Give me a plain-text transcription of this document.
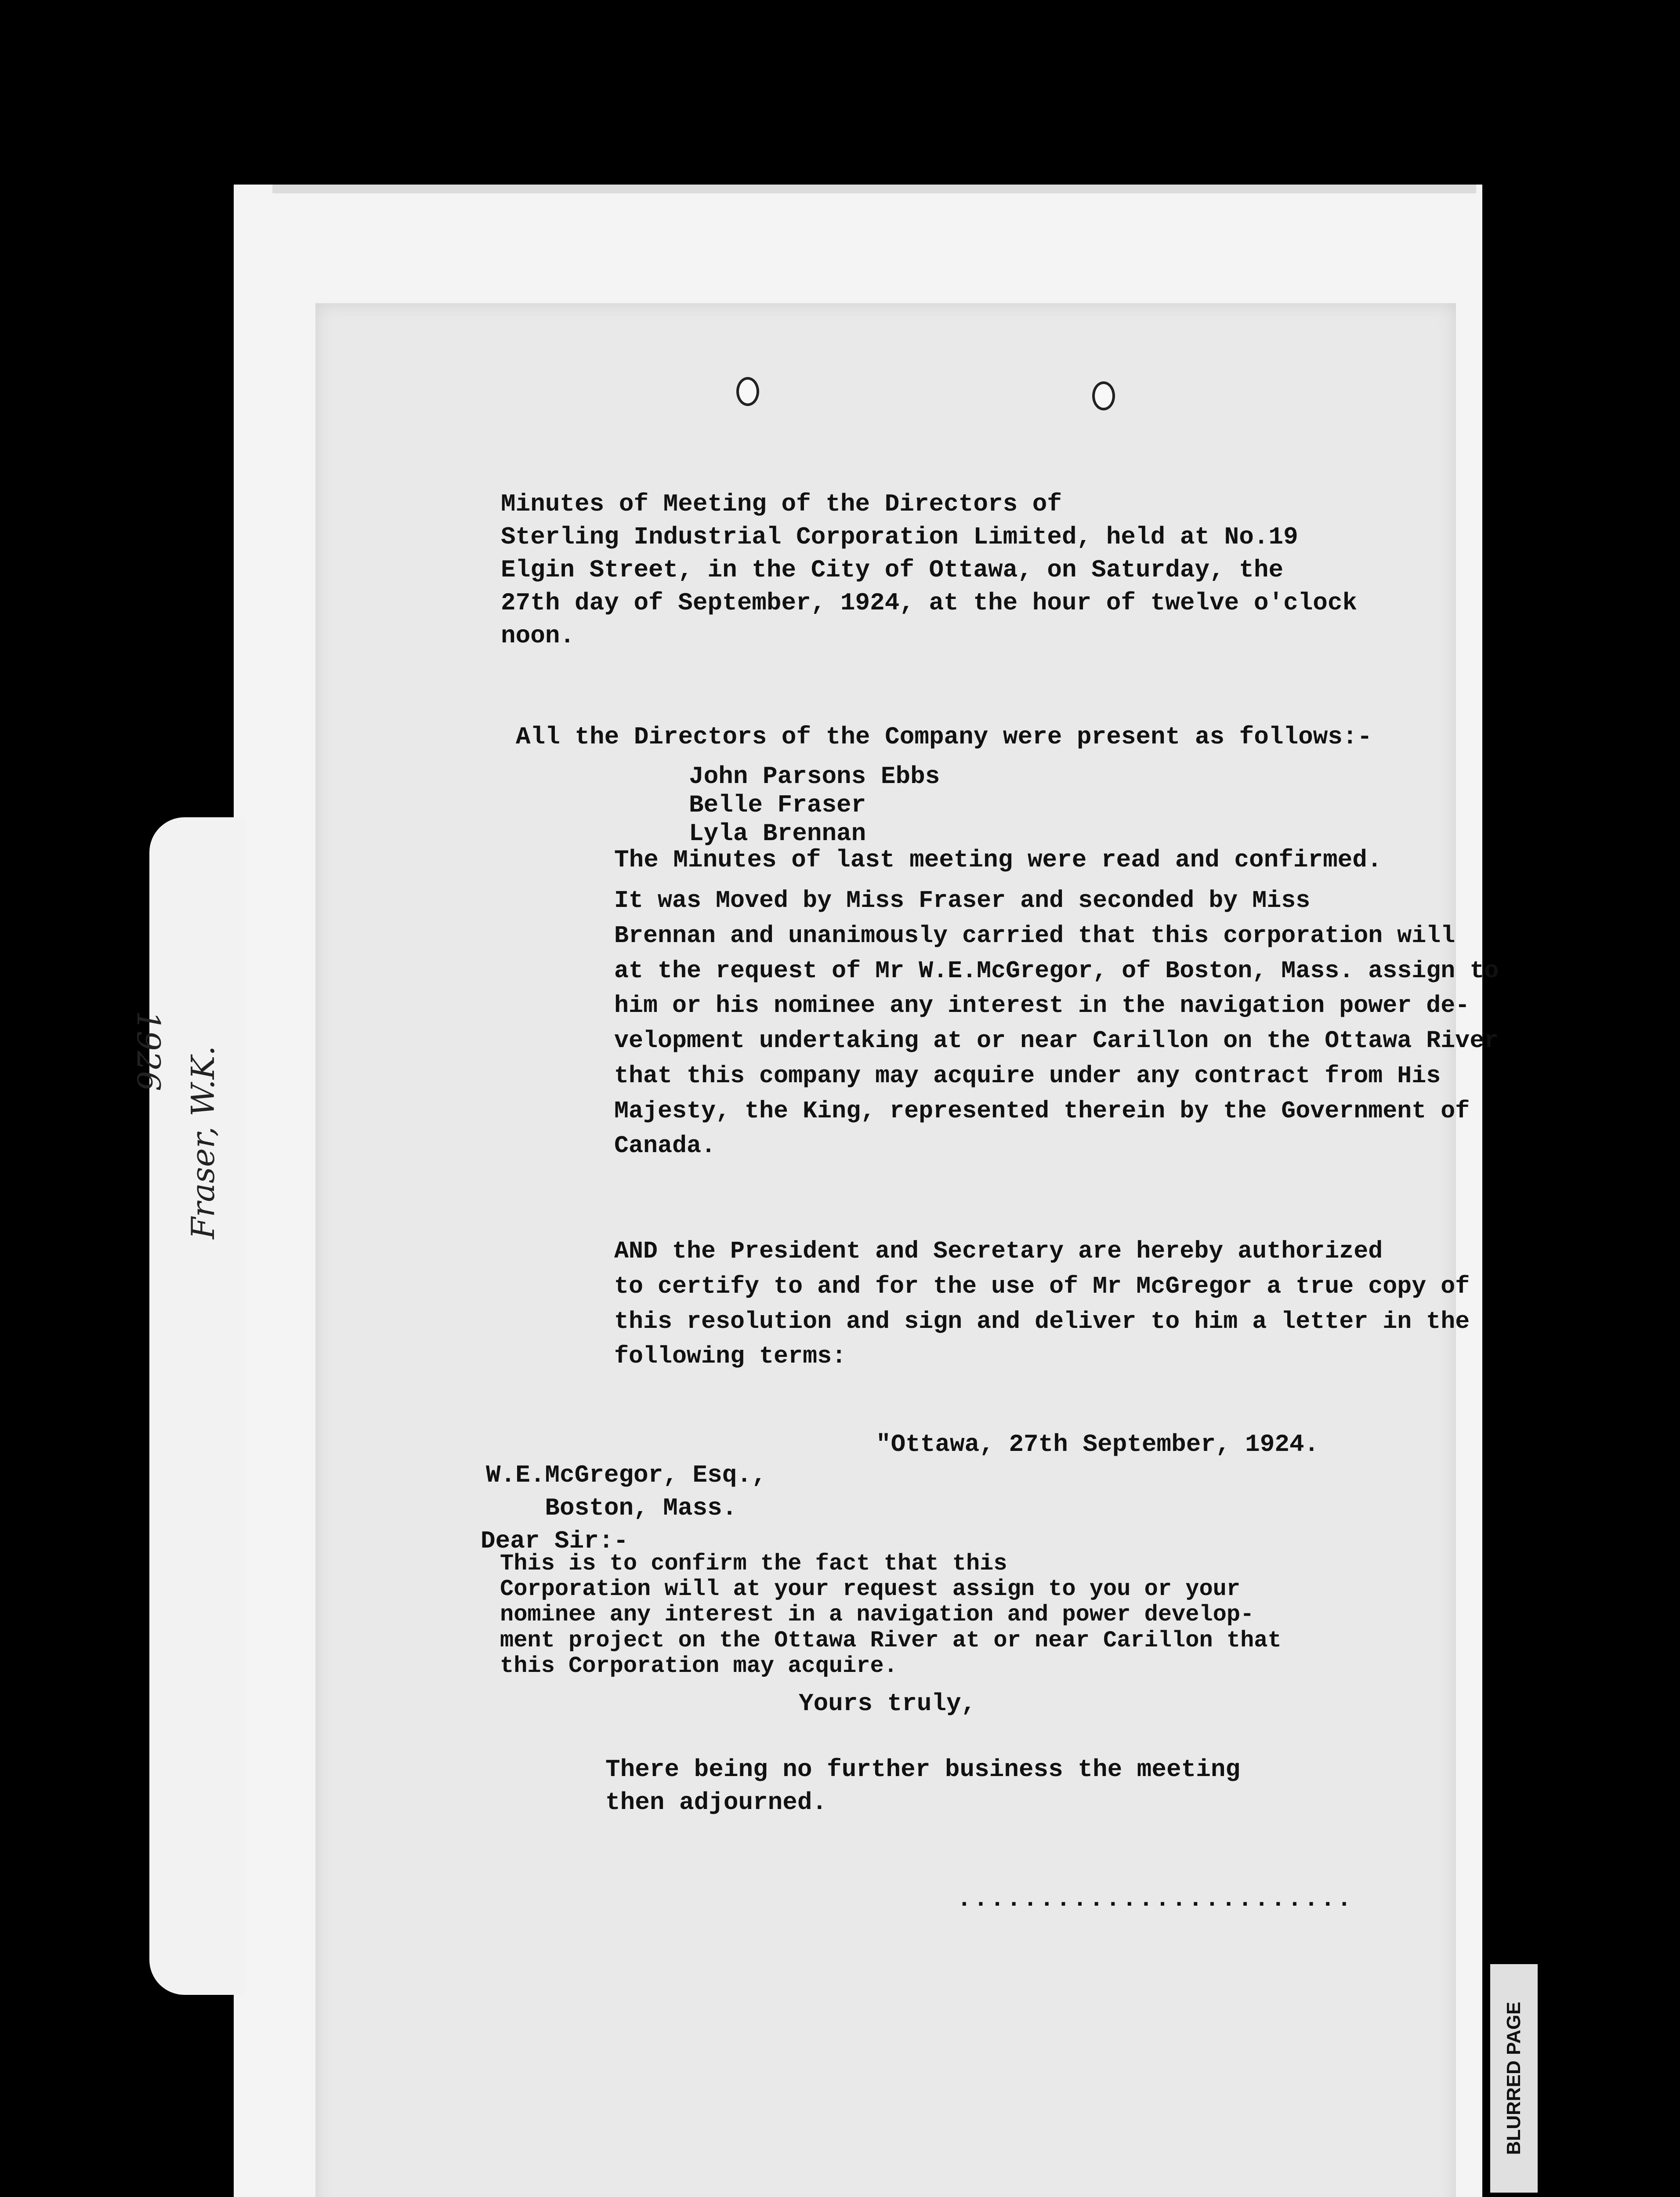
Minutes of Meeting of the Directors of
Sterling Industrial Corporation Limited, held at No.19
Elgin Street, in the City of Ottawa, on Saturday, the
27th day of September, 1924, at the hour of twelve o'clock
noon.
All the Directors of the Company were present as follows:-
John Parsons Ebbs
Belle Fraser
Lyla Brennan
The Minutes of last meeting were read and confirmed.
It was Moved by Miss Fraser and seconded by Miss
Brennan and unanimously carried that this corporation will
at the request of Mr W.E.McGregor, of Boston, Mass. assign to
him or his nominee any interest in the navigation power de-
velopment undertaking at or near Carillon on the Ottawa River
that this company may acquire under any contract from His
Majesty, the King, represented therein by the Government of
Canada.
AND the President and Secretary are hereby authorized
to certify to and for the use of Mr McGregor a true copy of
this resolution and sign and deliver to him a letter in the
following terms:
"Ottawa, 27th September, 1924.
W.E.McGregor, Esq.,
Boston, Mass.
Dear Sir:-
This is to confirm the fact that this
Corporation will at your request assign to you or your
nominee any interest in a navigation and power develop-
ment project on the Ottawa River at or near Carillon that
this Corporation may acquire.
Yours truly,
There being no further business the meeting
then adjourned.
........................
1926 Fraser, W.K.
BLURRED PAGE
